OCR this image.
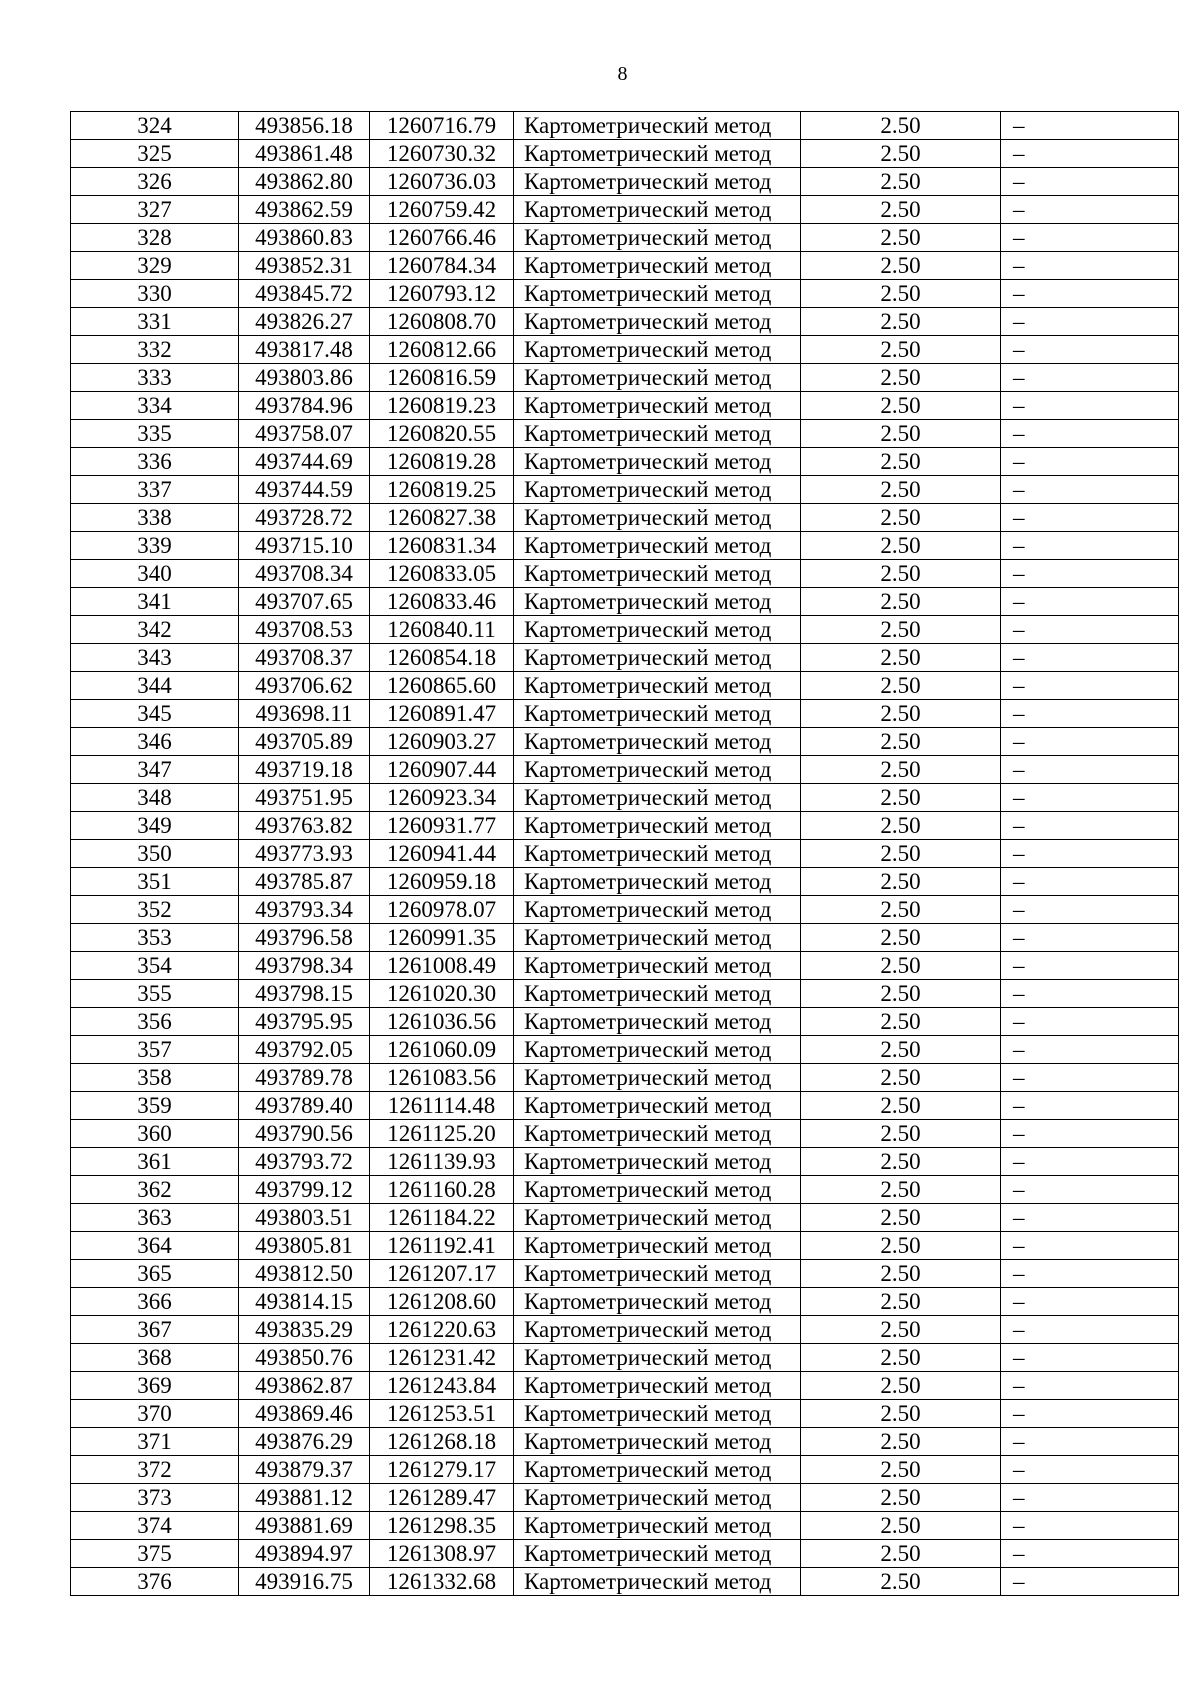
8
324	493856.18	1260716.79	Картометрический метод	2.50	–
325	493861.48	1260730.32	Картометрический метод	2.50	–
326	493862.80	1260736.03	Картометрический метод	2.50	–
327	493862.59	1260759.42	Картометрический метод	2.50	–
328	493860.83	1260766.46	Картометрический метод	2.50	–
329	493852.31	1260784.34	Картометрический метод	2.50	–
330	493845.72	1260793.12	Картометрический метод	2.50	–
331	493826.27	1260808.70	Картометрический метод	2.50	–
332	493817.48	1260812.66	Картометрический метод	2.50	–
333	493803.86	1260816.59	Картометрический метод	2.50	–
334	493784.96	1260819.23	Картометрический метод	2.50	–
335	493758.07	1260820.55	Картометрический метод	2.50	–
336	493744.69	1260819.28	Картометрический метод	2.50	–
337	493744.59	1260819.25	Картометрический метод	2.50	–
338	493728.72	1260827.38	Картометрический метод	2.50	–
339	493715.10	1260831.34	Картометрический метод	2.50	–
340	493708.34	1260833.05	Картометрический метод	2.50	–
341	493707.65	1260833.46	Картометрический метод	2.50	–
342	493708.53	1260840.11	Картометрический метод	2.50	–
343	493708.37	1260854.18	Картометрический метод	2.50	–
344	493706.62	1260865.60	Картометрический метод	2.50	–
345	493698.11	1260891.47	Картометрический метод	2.50	–
346	493705.89	1260903.27	Картометрический метод	2.50	–
347	493719.18	1260907.44	Картометрический метод	2.50	–
348	493751.95	1260923.34	Картометрический метод	2.50	–
349	493763.82	1260931.77	Картометрический метод	2.50	–
350	493773.93	1260941.44	Картометрический метод	2.50	–
351	493785.87	1260959.18	Картометрический метод	2.50	–
352	493793.34	1260978.07	Картометрический метод	2.50	–
353	493796.58	1260991.35	Картометрический метод	2.50	–
354	493798.34	1261008.49	Картометрический метод	2.50	–
355	493798.15	1261020.30	Картометрический метод	2.50	–
356	493795.95	1261036.56	Картометрический метод	2.50	–
357	493792.05	1261060.09	Картометрический метод	2.50	–
358	493789.78	1261083.56	Картометрический метод	2.50	–
359	493789.40	1261114.48	Картометрический метод	2.50	–
360	493790.56	1261125.20	Картометрический метод	2.50	–
361	493793.72	1261139.93	Картометрический метод	2.50	–
362	493799.12	1261160.28	Картометрический метод	2.50	–
363	493803.51	1261184.22	Картометрический метод	2.50	–
364	493805.81	1261192.41	Картометрический метод	2.50	–
365	493812.50	1261207.17	Картометрический метод	2.50	–
366	493814.15	1261208.60	Картометрический метод	2.50	–
367	493835.29	1261220.63	Картометрический метод	2.50	–
368	493850.76	1261231.42	Картометрический метод	2.50	–
369	493862.87	1261243.84	Картометрический метод	2.50	–
370	493869.46	1261253.51	Картометрический метод	2.50	–
371	493876.29	1261268.18	Картометрический метод	2.50	–
372	493879.37	1261279.17	Картометрический метод	2.50	–
373	493881.12	1261289.47	Картометрический метод	2.50	–
374	493881.69	1261298.35	Картометрический метод	2.50	–
375	493894.97	1261308.97	Картометрический метод	2.50	–
376	493916.75	1261332.68	Картометрический метод	2.50	–
